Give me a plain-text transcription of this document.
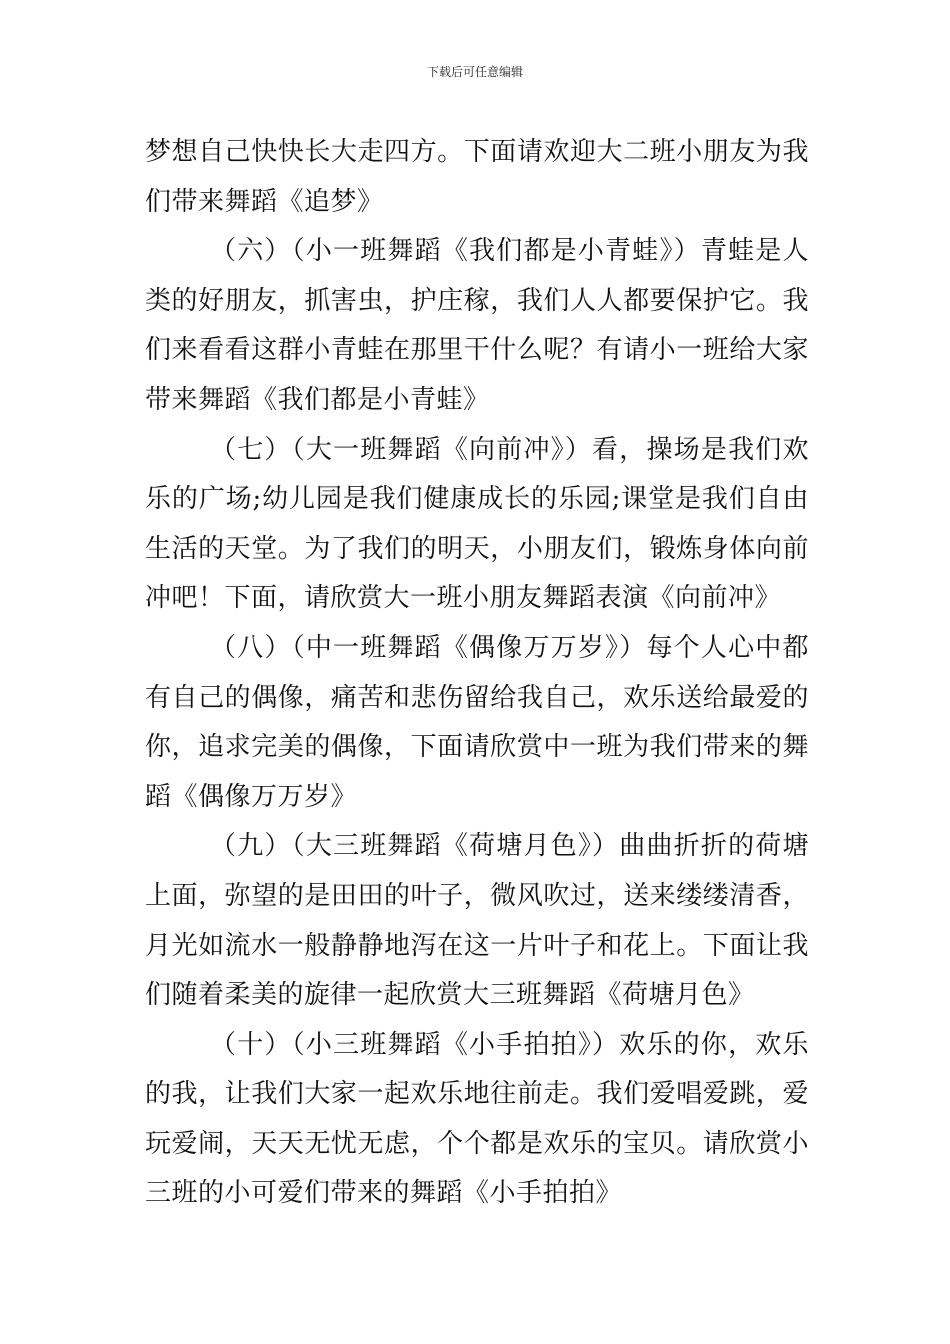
下载后可任意编辑

梦想自己快快长大走四方。下面请欢迎大二班小朋友为我们带来舞蹈《追梦》

（六）（小一班舞蹈《我们都是小青蛙》）青蛙是人类的好朋友，抓害虫，护庄稼，我们人人都要保护它。我们来看看这群小青蛙在那里干什么呢？有请小一班给大家带来舞蹈《我们都是小青蛙》

（七）（大一班舞蹈《向前冲》）看，操场是我们欢乐的广场;幼儿园是我们健康成长的乐园;课堂是我们自由生活的天堂。为了我们的明天，小朋友们，锻炼身体向前冲吧！下面，请欣赏大一班小朋友舞蹈表演《向前冲》

（八）（中一班舞蹈《偶像万万岁》）每个人心中都有自己的偶像，痛苦和悲伤留给我自己，欢乐送给最爱的你，追求完美的偶像，下面请欣赏中一班为我们带来的舞蹈《偶像万万岁》

（九）（大三班舞蹈《荷塘月色》）曲曲折折的荷塘上面，弥望的是田田的叶子，微风吹过，送来缕缕清香，月光如流水一般静静地泻在这一片叶子和花上。下面让我们随着柔美的旋律一起欣赏大三班舞蹈《荷塘月色》

（十）（小三班舞蹈《小手拍拍》）欢乐的你，欢乐的我，让我们大家一起欢乐地往前走。我们爱唱爱跳，爱玩爱闹，天天无忧无虑，个个都是欢乐的宝贝。请欣赏小三班的小可爱们带来的舞蹈《小手拍拍》
